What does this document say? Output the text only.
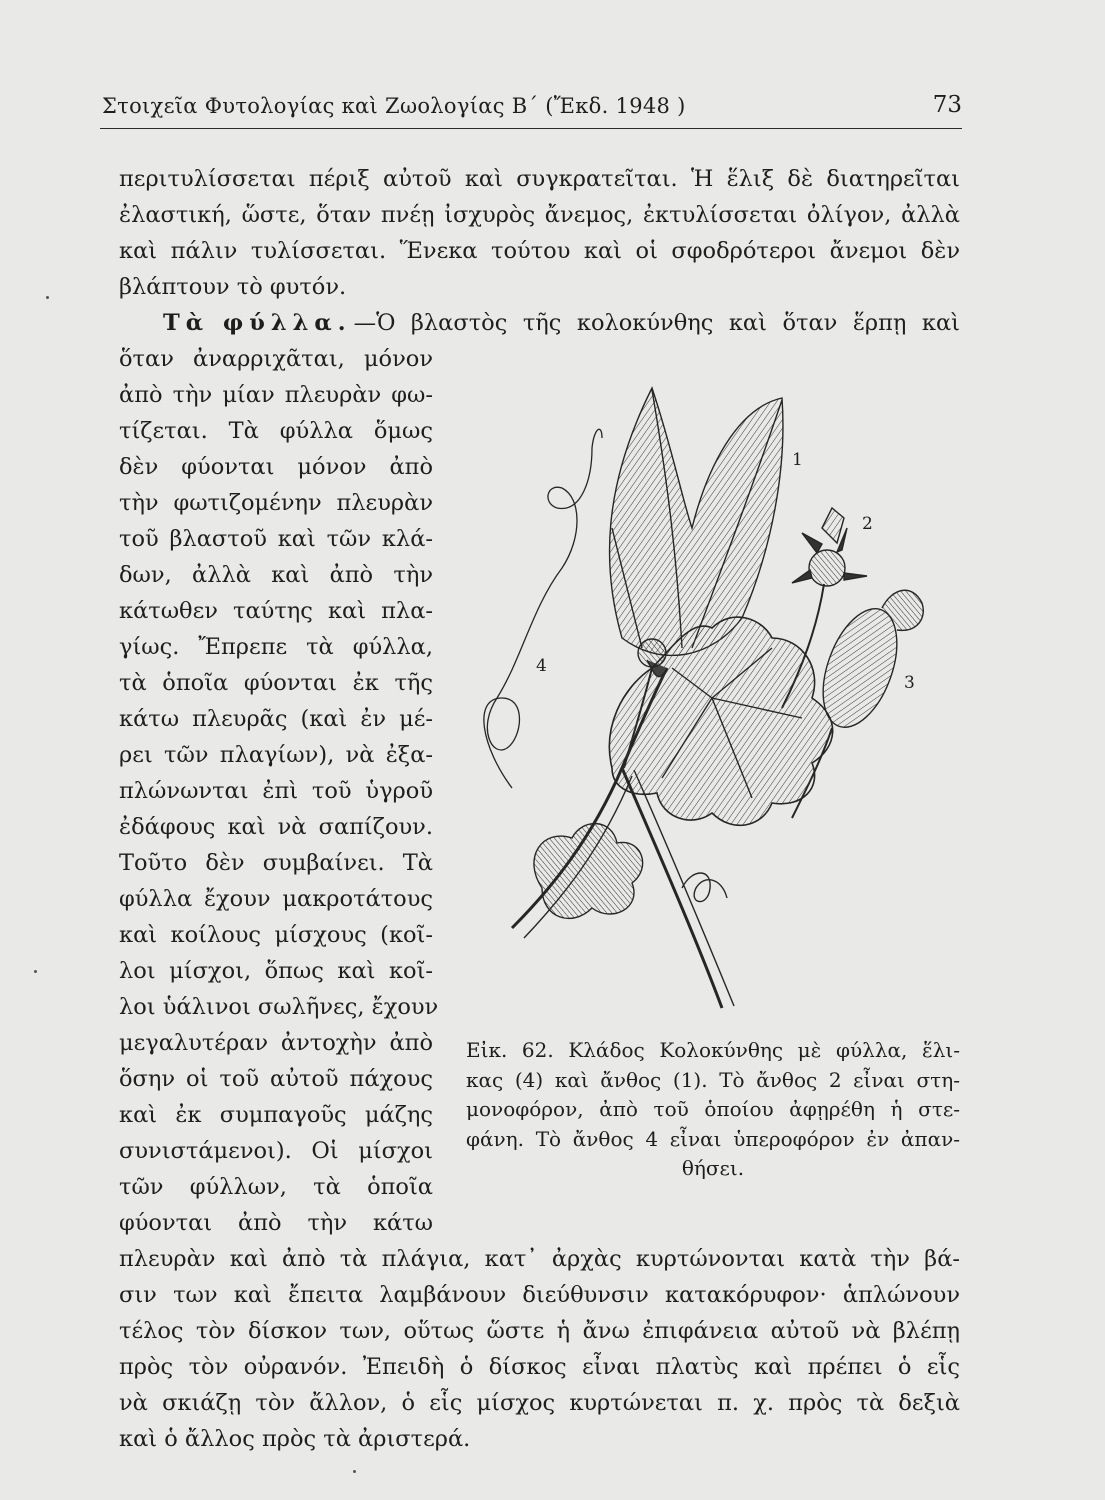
Στοιχεῖα Φυτολογίας καὶ Ζωολογίας Β΄ (Ἔκδ. 1948 )	73
περιτυλίσσεται πέριξ αὐτοῦ καὶ συγκρατεῖται. Ἡ ἕλιξ δὲ διατηρεῖται
ἐλαστική, ὥστε, ὅταν πνέῃ ἰσχυρὸς ἄνεμος, ἐκτυλίσσεται ὀλίγον, ἀλλὰ
καὶ πάλιν τυλίσσεται. Ἕνεκα τούτου καὶ οἱ σφοδρότεροι ἄνεμοι δὲν
βλάπτουν τὸ φυτόν.
Τὰ φύλλα. —Ὁ βλαστὸς τῆς κολοκύνθης καὶ ὅταν ἕρπῃ καὶ
ὅταν ἀναρριχᾶται, μόνον
ἀπὸ τὴν μίαν πλευρὰν φω-
τίζεται. Τὰ φύλλα ὅμως
δὲν φύονται μόνον ἀπὸ
τὴν φωτιζομένην πλευρὰν
τοῦ βλαστοῦ καὶ τῶν κλά-
δων, ἀλλὰ καὶ ἀπὸ τὴν
κάτωθεν ταύτης καὶ πλα-
γίως. Ἔπρεπε τὰ φύλλα,
τὰ ὁποῖα φύονται ἐκ τῆς
κάτω πλευρᾶς (καὶ ἐν μέ-
ρει τῶν πλαγίων), νὰ ἐξα-
πλώνωνται ἐπὶ τοῦ ὑγροῦ
ἐδάφους καὶ νὰ σαπίζουν.
Τοῦτο δὲν συμβαίνει. Τὰ
φύλλα ἔχουν μακροτάτους
καὶ κοίλους μίσχους (κοῖ-
λοι μίσχοι, ὅπως καὶ κοῖ-
λοι ὑάλινοι σωλῆνες, ἔχουν
μεγαλυτέραν ἀντοχὴν ἀπὸ
ὅσην οἱ τοῦ αὐτοῦ πάχους
καὶ ἐκ συμπαγοῦς μάζης
συνιστάμενοι). Οἱ μίσχοι
τῶν φύλλων, τὰ ὁποῖα
φύονται ἀπὸ τὴν κάτω
πλευρὰν καὶ ἀπὸ τὰ πλάγια, κατ᾽ ἀρχὰς κυρτώνονται κατὰ τὴν βά-
σιν των καὶ ἔπειτα λαμβάνουν διεύθυνσιν κατακόρυφον· ἁπλώνουν
τέλος τὸν δίσκον των, οὕτως ὥστε ἡ ἄνω ἐπιφάνεια αὐτοῦ νὰ βλέπῃ
πρὸς τὸν οὐρανόν. Ἐπειδὴ ὁ δίσκος εἶναι πλατὺς καὶ πρέπει ὁ εἷς
νὰ σκιάζῃ τὸν ἄλλον, ὁ εἷς μίσχος κυρτώνεται π. χ. πρὸς τὰ δεξιὰ
καὶ ὁ ἄλλος πρὸς τὰ ἀριστερά.
1
2
3
4
Εἰκ. 62. Κλάδος Κολοκύνθης μὲ φύλλα, ἕλι-
κας (4) καὶ ἄνθος (1). Τὸ ἄνθος 2 εἶναι στη-
μονοφόρον, ἀπὸ τοῦ ὁποίου ἀφῃρέθη ἡ στε-
φάνη. Τὸ ἄνθος 4 εἶναι ὑπεροφόρον ἐν ἀπαν-
θήσει.
